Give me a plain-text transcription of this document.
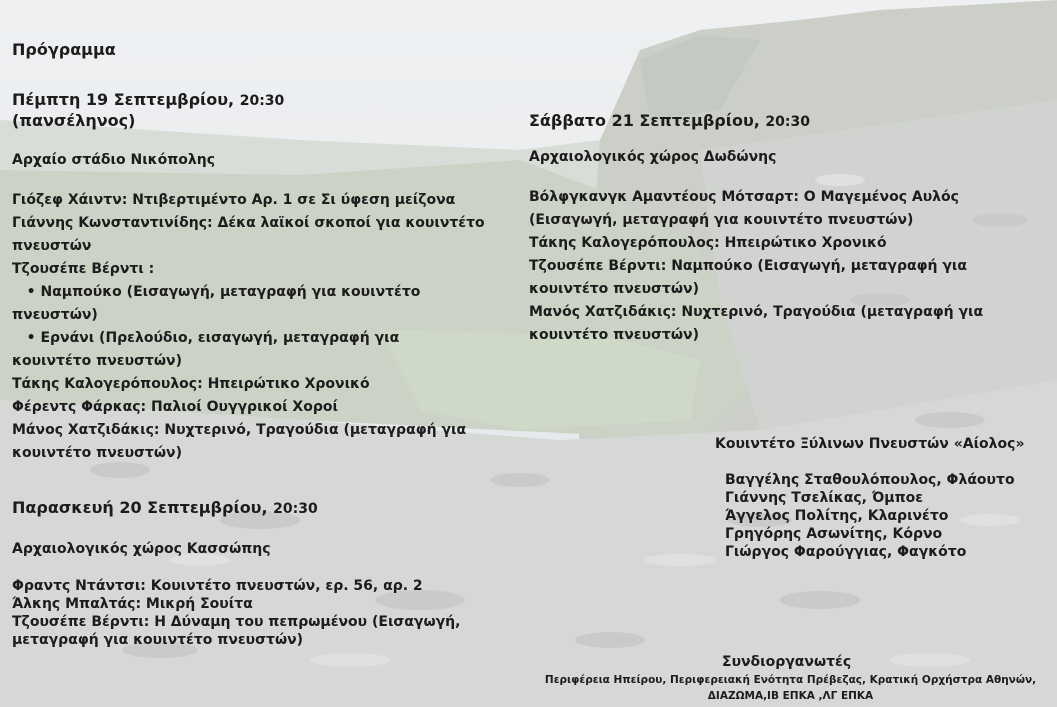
Πρόγραμμα
Πέμπτη 19 Σεπτεμβρίου, 20:30
(πανσέληνος)
Αρχαίο στάδιο Νικόπολης
Γιόζεφ Χάιντν: Ντιβερτιμέντο Αρ. 1 σε Σι ύφεση μείζονα
Γιάννης Κωνσταντινίδης: Δέκα λαϊκοί σκοποί για κουιντέτο
πνευστών
Τζουσέπε Βέρντι :
• Ναμπούκο (Εισαγωγή, μεταγραφή για κουιντέτο
πνευστών)
• Ερνάνι (Πρελούδιο, εισαγωγή, μεταγραφή για
κουιντέτο πνευστών)
Τάκης Καλογερόπουλος: Ηπειρώτικο Χρονικό
Φέρεντς Φάρκας: Παλιοί Ουγγρικοί Χοροί
Μάνος Χατζιδάκις: Νυχτερινό, Τραγούδια (μεταγραφή για
κουιντέτο πνευστών)
Παρασκευή 20 Σεπτεμβρίου, 20:30
Αρχαιολογικός χώρος Κασσώπης
Φραντς Ντάντσι: Κουιντέτο πνευστών, ερ. 56, αρ. 2
Άλκης Μπαλτάς: Μικρή Σουίτα
Τζουσέπε Βέρντι: Η Δύναμη του πεπρωμένου (Εισαγωγή,
μεταγραφή για κουιντέτο πνευστών)
Σάββατο 21 Σεπτεμβρίου, 20:30
Αρχαιολογικός χώρος Δωδώνης
Βόλφγκανγκ Αμαντέους Μότσαρτ: Ο Μαγεμένος Αυλός
(Εισαγωγή, μεταγραφή για κουιντέτο πνευστών)
Τάκης Καλογερόπουλος: Ηπειρώτικο Χρονικό
Τζουσέπε Βέρντι: Ναμπούκο (Εισαγωγή, μεταγραφή για
κουιντέτο πνευστών)
Μανός Χατζιδάκις: Νυχτερινό, Τραγούδια (μεταγραφή για
κουιντέτο πνευστών)
Κουιντέτο Ξύλινων Πνευστών «Αίολος»
Βαγγέλης Σταθουλόπουλος, Φλάουτο
Γιάννης Τσελίκας, Όμποε
Άγγελος Πολίτης, Κλαρινέτο
Γρηγόρης Ασωνίτης, Κόρνο
Γιώργος Φαρούγγιας, Φαγκότο
Συνδιοργανωτές
Περιφέρεια Ηπείρου, Περιφερειακή Ενότητα Πρέβεζας, Κρατική Ορχήστρα Αθηνών,
ΔΙΑΖΩΜΑ,ΙΒ ΕΠΚΑ ,ΛΓ ΕΠΚΑ
